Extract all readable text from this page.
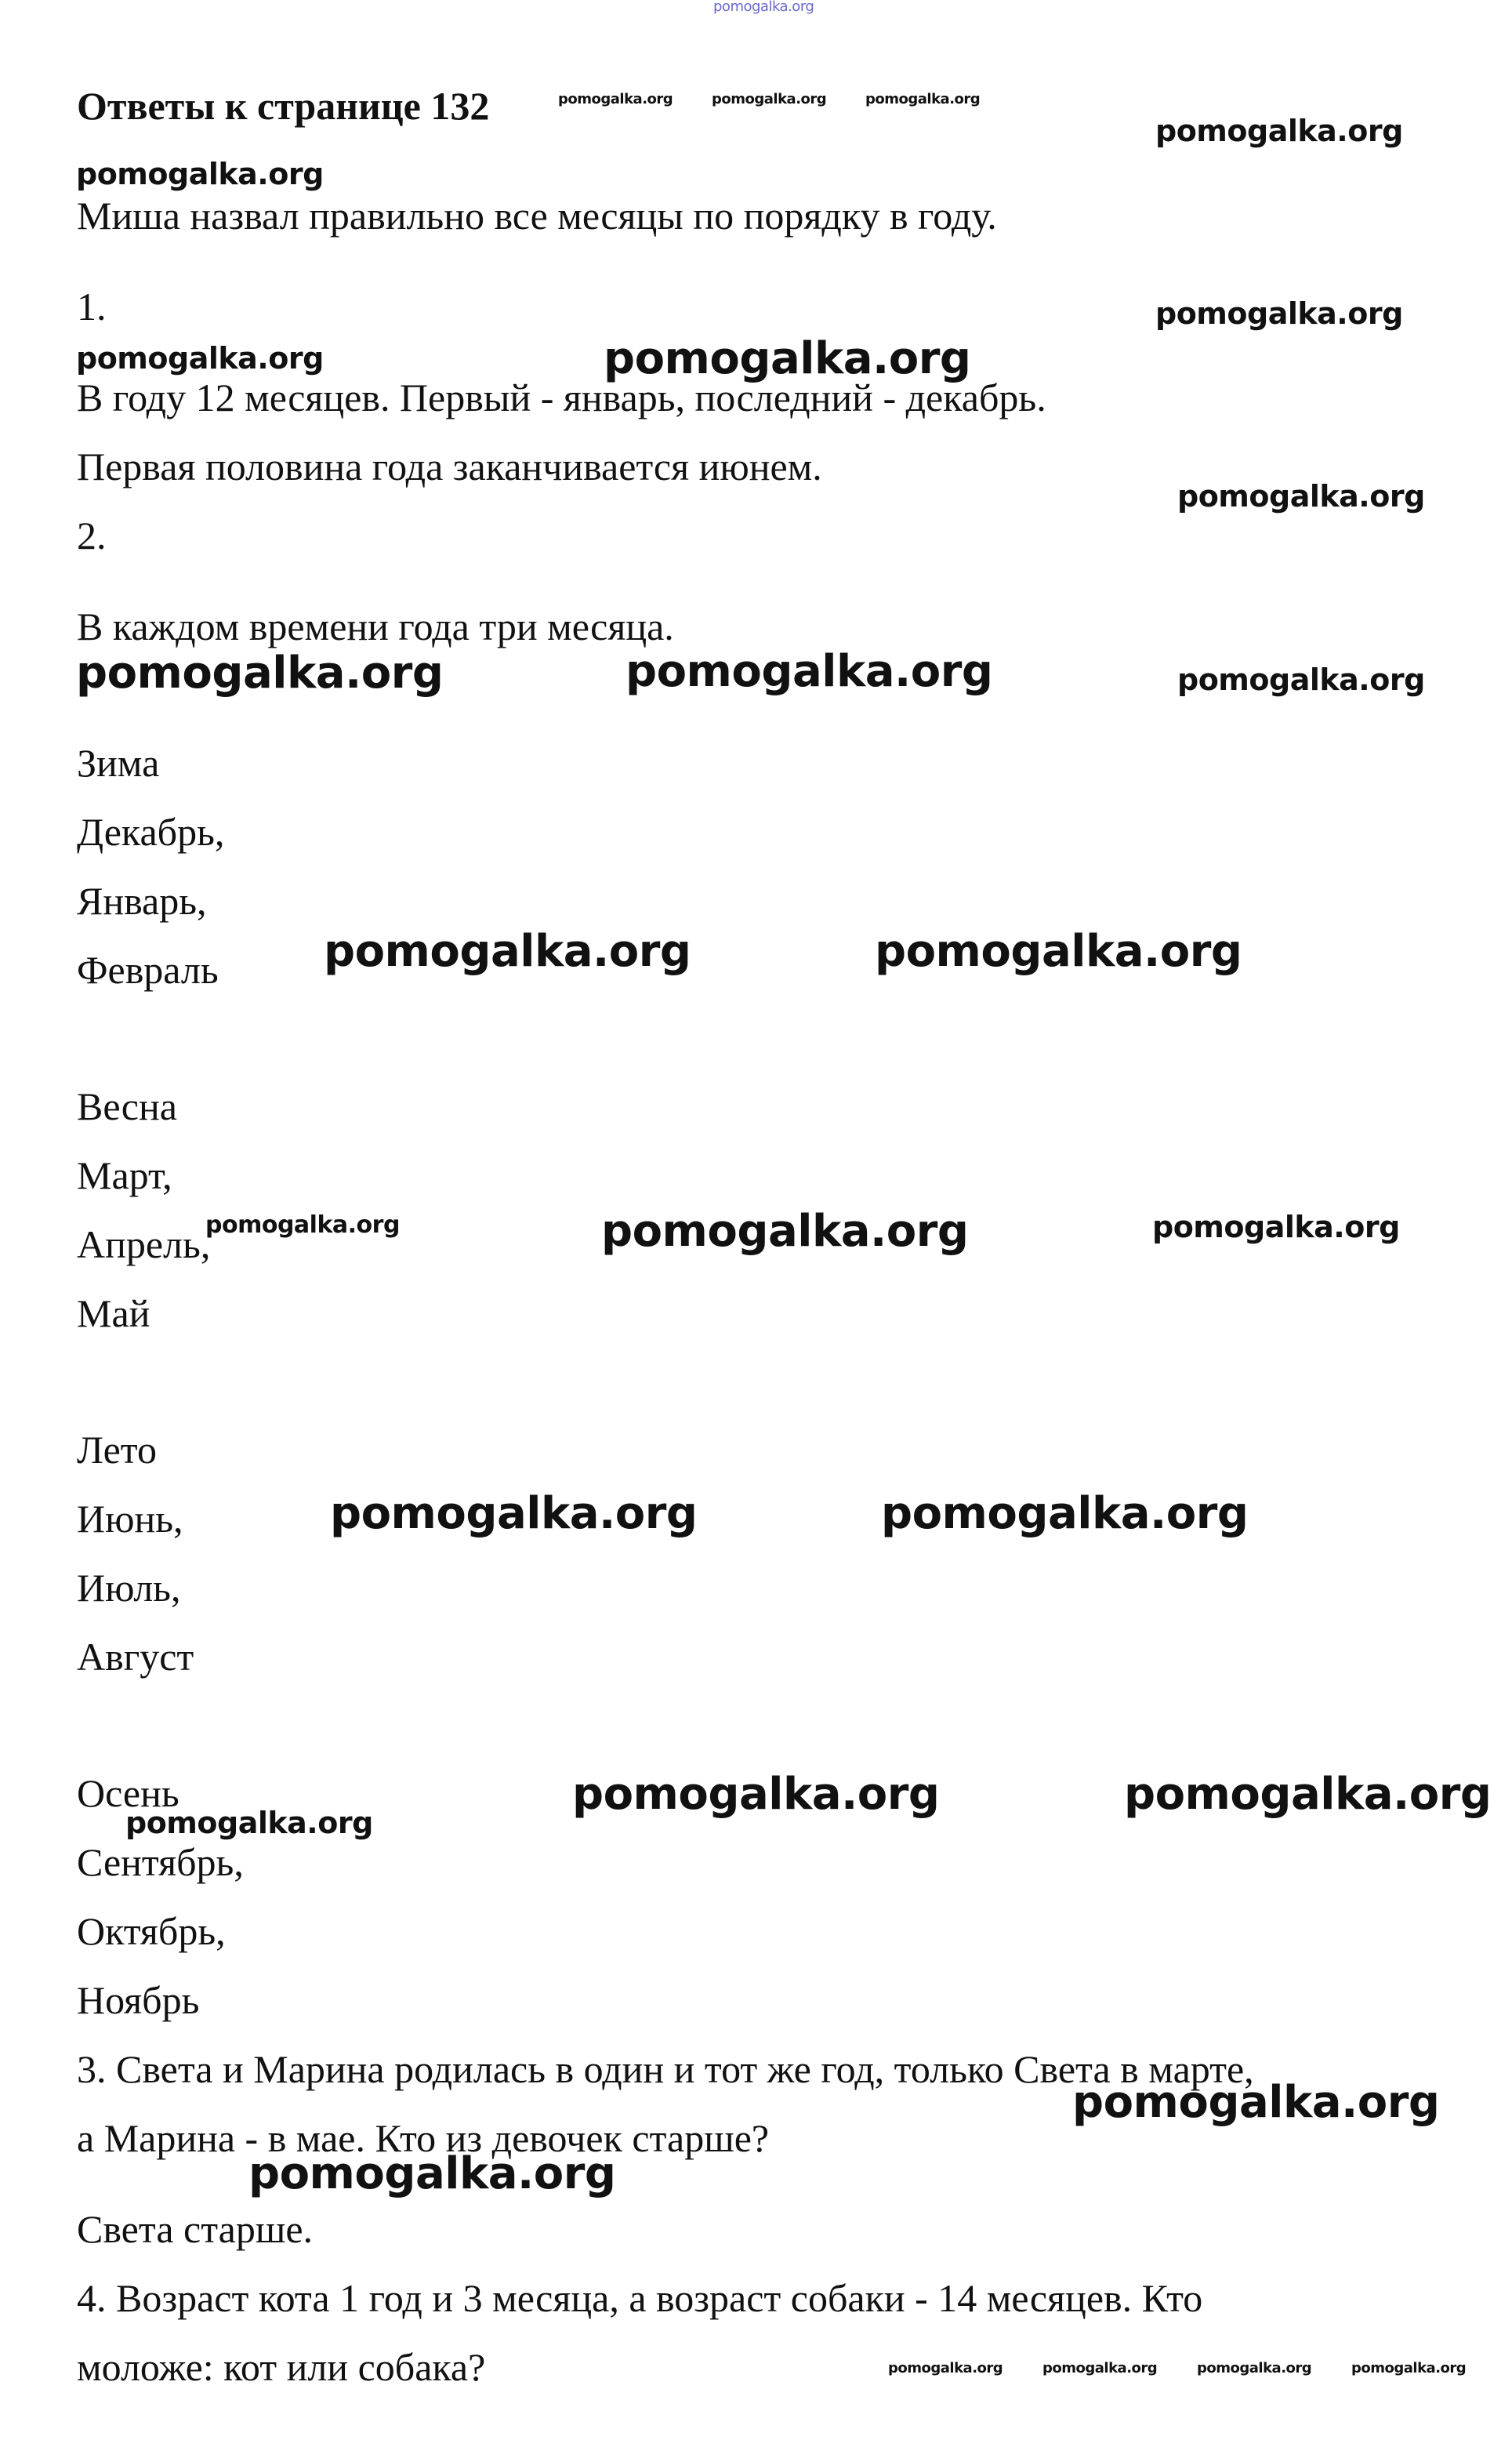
pomogalka.org
Ответы к странице 132
Миша назвал правильно все месяцы по порядку в году.
1.
В году 12 месяцев. Первый - январь, последний - декабрь.
Первая половина года заканчивается июнем.
2.
В каждом времени года три месяца.
Зима
Декабрь,
Январь,
Февраль
Весна
Март,
Апрель,
Май
Лето
Июнь,
Июль,
Август
Осень
Сентябрь,
Октябрь,
Ноябрь
3. Света и Марина родилась в один и тот же год, только Света в марте,
а Марина - в мае. Кто из девочек старше?
Света старше.
4. Возраст кота 1 год и 3 месяца, а возраст собаки - 14 месяцев. Кто
моложе: кот или собака?
pomogalka.org	pomogalka.org	pomogalka.org
pomogalka.org
pomogalka.org
pomogalka.org
pomogalka.org	pomogalka.org
pomogalka.org
pomogalka.org	pomogalka.org	pomogalka.org
pomogalka.org	pomogalka.org
pomogalka.org	pomogalka.org	pomogalka.org
pomogalka.org	pomogalka.org
pomogalka.org	pomogalka.org
pomogalka.org
pomogalka.org
pomogalka.org
pomogalka.org	pomogalka.org	pomogalka.org	pomogalka.org
